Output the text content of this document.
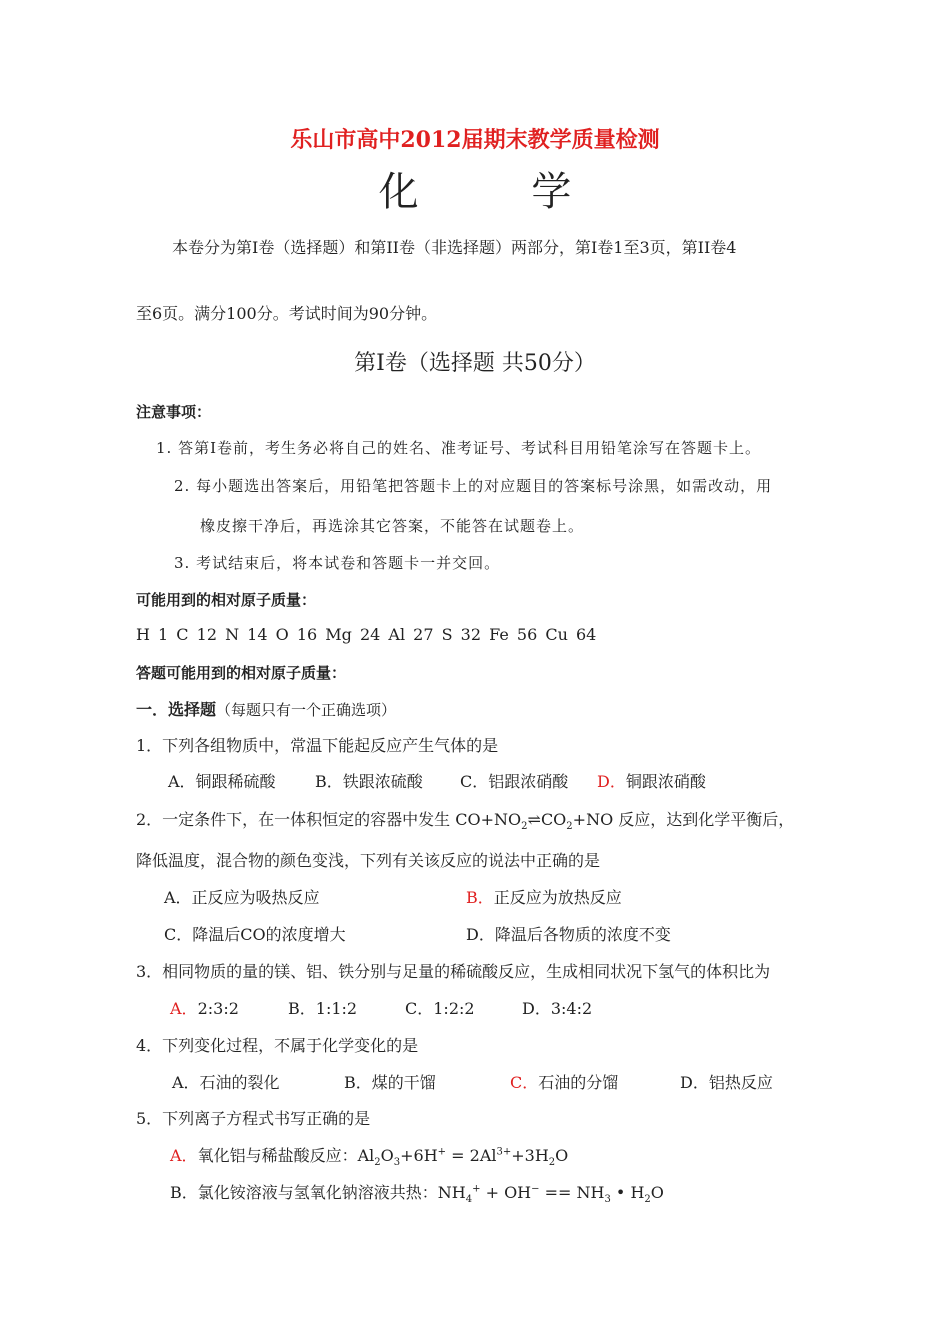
乐山市高中2012届期末教学质量检测
化 学
本卷分为第I卷（选择题）和第II卷（非选择题）两部分，第I卷1至3页，第II卷4
至6页。满分100分。考试时间为90分钟。
第I卷（选择题 共50分）
注意事项：
1. 答第Ⅰ卷前，考生务必将自己的姓名、准考证号、考试科目用铅笔涂写在答题卡上。
2. 每小题选出答案后，用铅笔把答题卡上的对应题目的答案标号涂黑，如需改动，用
橡皮擦干净后，再选涂其它答案，不能答在试题卷上。
3. 考试结束后，将本试卷和答题卡一并交回。
可能用到的相对原子质量：
H 1 C 12 N 14 O 16 Mg 24 Al 27 S 32 Fe 56 Cu 64
答题可能用到的相对原子质量：
一．选择题（每题只有一个正确选项）
1．下列各组物质中，常温下能起反应产生气体的是
A．铜跟稀硫酸 B．铁跟浓硫酸 C．铝跟浓硝酸 D．铜跟浓硝酸
2．一定条件下，在一体积恒定的容器中发生 $CO+NO_2\rightleftharpoons CO_2+NO$ 反应，达到化学平衡后，
降低温度，混合物的颜色变浅，下列有关该反应的说法中正确的是
A．正反应为吸热反应	B．正反应为放热反应
C．降温后CO的浓度增大	D．降温后各物质的浓度不变
3．相同物质的量的镁、铝、铁分别与足量的稀硫酸反应，生成相同状况下氢气的体积比为
A．2:3:2	B．1:1:2	C．1:2:2	D．3:4:2
4．下列变化过程，不属于化学变化的是
A．石油的裂化	B．煤的干馏	C．石油的分馏	D．铝热反应
5．下列离子方程式书写正确的是
A．氧化铝与稀盐酸反应：$Al_2O_3+6H^+ = 2Al^{3+}+3H_2O$
B．氯化铵溶液与氢氧化钠溶液共热：$NH_4^+ + OH^- == NH_3$ • $H_2O$
